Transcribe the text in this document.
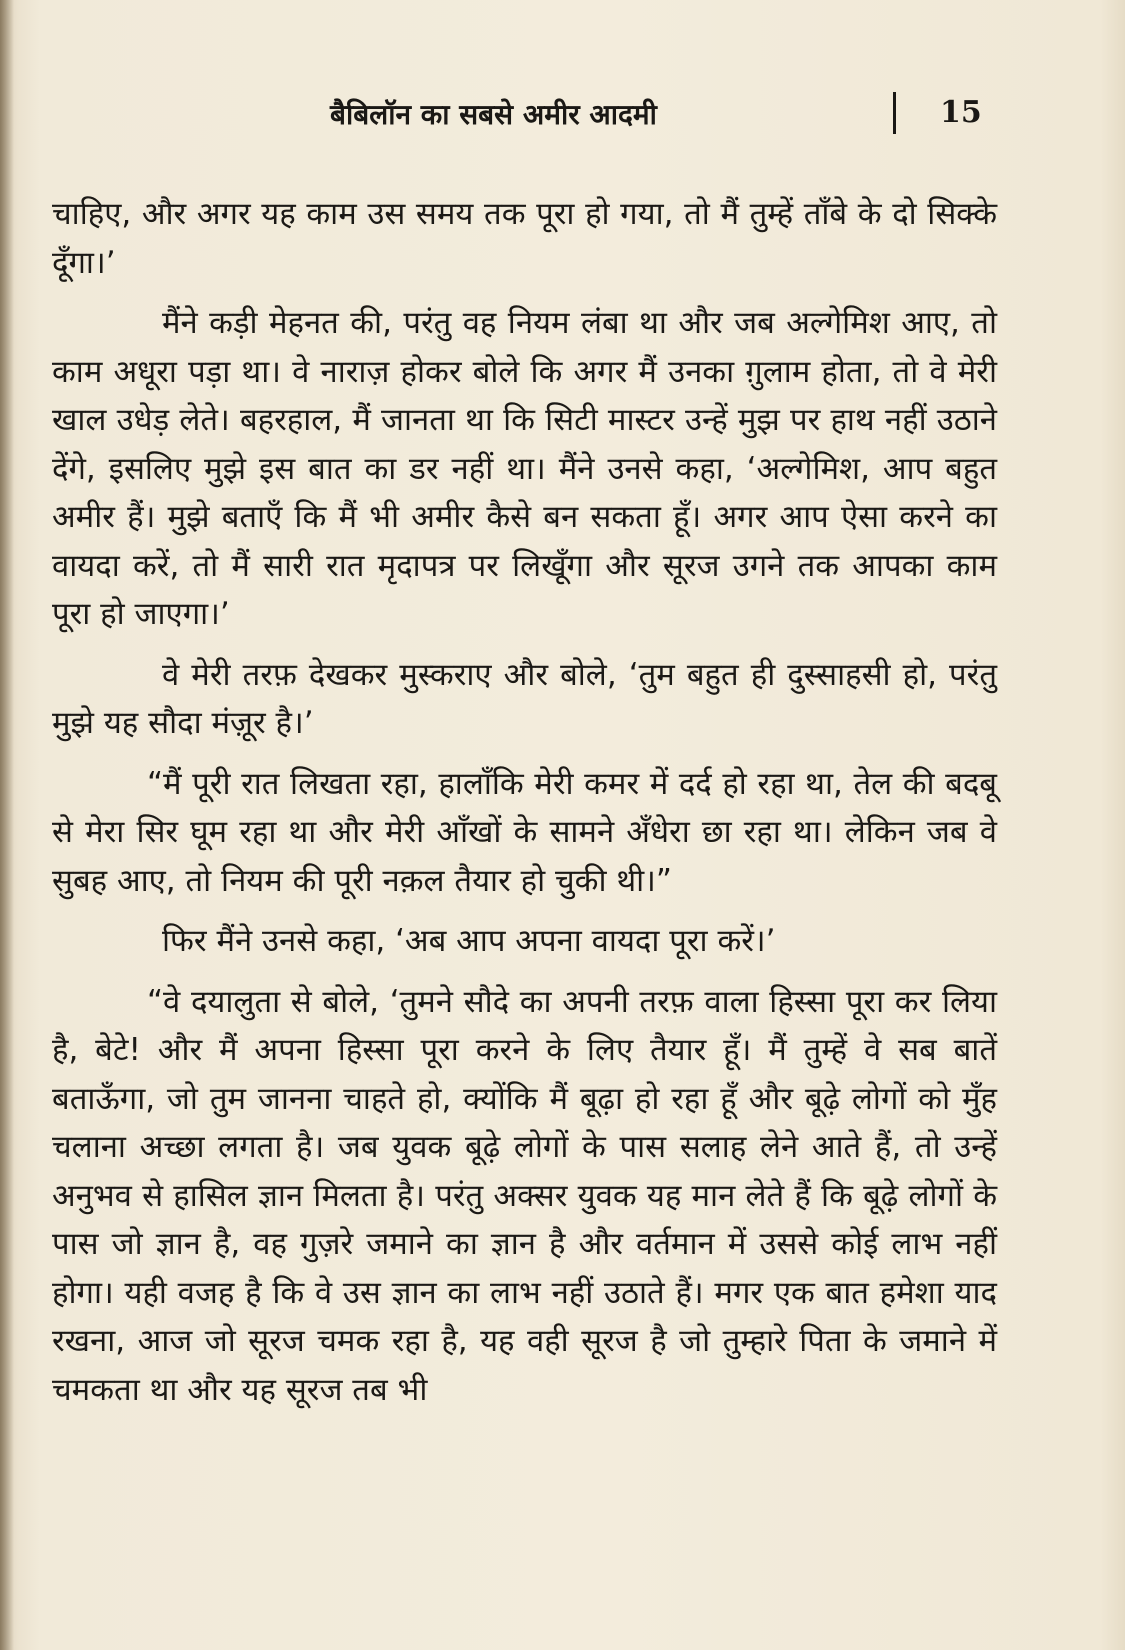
बैबिलॉन का सबसे अमीर आदमी	15

चाहिए, और अगर यह काम उस समय तक पूरा हो गया, तो मैं तुम्हें ताँबे के दो सिक्के दूँगा।’

मैंने कड़ी मेहनत की, परंतु वह नियम लंबा था और जब अल्गेमिश आए, तो काम अधूरा पड़ा था। वे नाराज़ होकर बोले कि अगर मैं उनका ग़ुलाम होता, तो वे मेरी खाल उधेड़ लेते। बहरहाल, मैं जानता था कि सिटी मास्टर उन्हें मुझ पर हाथ नहीं उठाने देंगे, इसलिए मुझे इस बात का डर नहीं था। मैंने उनसे कहा, ‘अल्गेमिश, आप बहुत अमीर हैं। मुझे बताएँ कि मैं भी अमीर कैसे बन सकता हूँ। अगर आप ऐसा करने का वायदा करें, तो मैं सारी रात मृदापत्र पर लिखूँगा और सूरज उगने तक आपका काम पूरा हो जाएगा।’

वे मेरी तरफ़ देखकर मुस्कराए और बोले, ‘तुम बहुत ही दुस्साहसी हो, परंतु मुझे यह सौदा मंज़ूर है।’

“मैं पूरी रात लिखता रहा, हालाँकि मेरी कमर में दर्द हो रहा था, तेल की बदबू से मेरा सिर घूम रहा था और मेरी आँखों के सामने अँधेरा छा रहा था। लेकिन जब वे सुबह आए, तो नियम की पूरी नक़ल तैयार हो चुकी थी।”

फिर मैंने उनसे कहा, ‘अब आप अपना वायदा पूरा करें।’

“वे दयालुता से बोले, ‘तुमने सौदे का अपनी तरफ़ वाला हिस्सा पूरा कर लिया है, बेटे! और मैं अपना हिस्सा पूरा करने के लिए तैयार हूँ। मैं तुम्हें वे सब बातें बताऊँगा, जो तुम जानना चाहते हो, क्योंकि मैं बूढ़ा हो रहा हूँ और बूढ़े लोगों को मुँह चलाना अच्छा लगता है। जब युवक बूढ़े लोगों के पास सलाह लेने आते हैं, तो उन्हें अनुभव से हासिल ज्ञान मिलता है। परंतु अक्सर युवक यह मान लेते हैं कि बूढ़े लोगों के पास जो ज्ञान है, वह गुज़रे जमाने का ज्ञान है और वर्तमान में उससे कोई लाभ नहीं होगा। यही वजह है कि वे उस ज्ञान का लाभ नहीं उठाते हैं। मगर एक बात हमेशा याद रखना, आज जो सूरज चमक रहा है, यह वही सूरज है जो तुम्हारे पिता के जमाने में चमकता था और यह सूरज तब भी
